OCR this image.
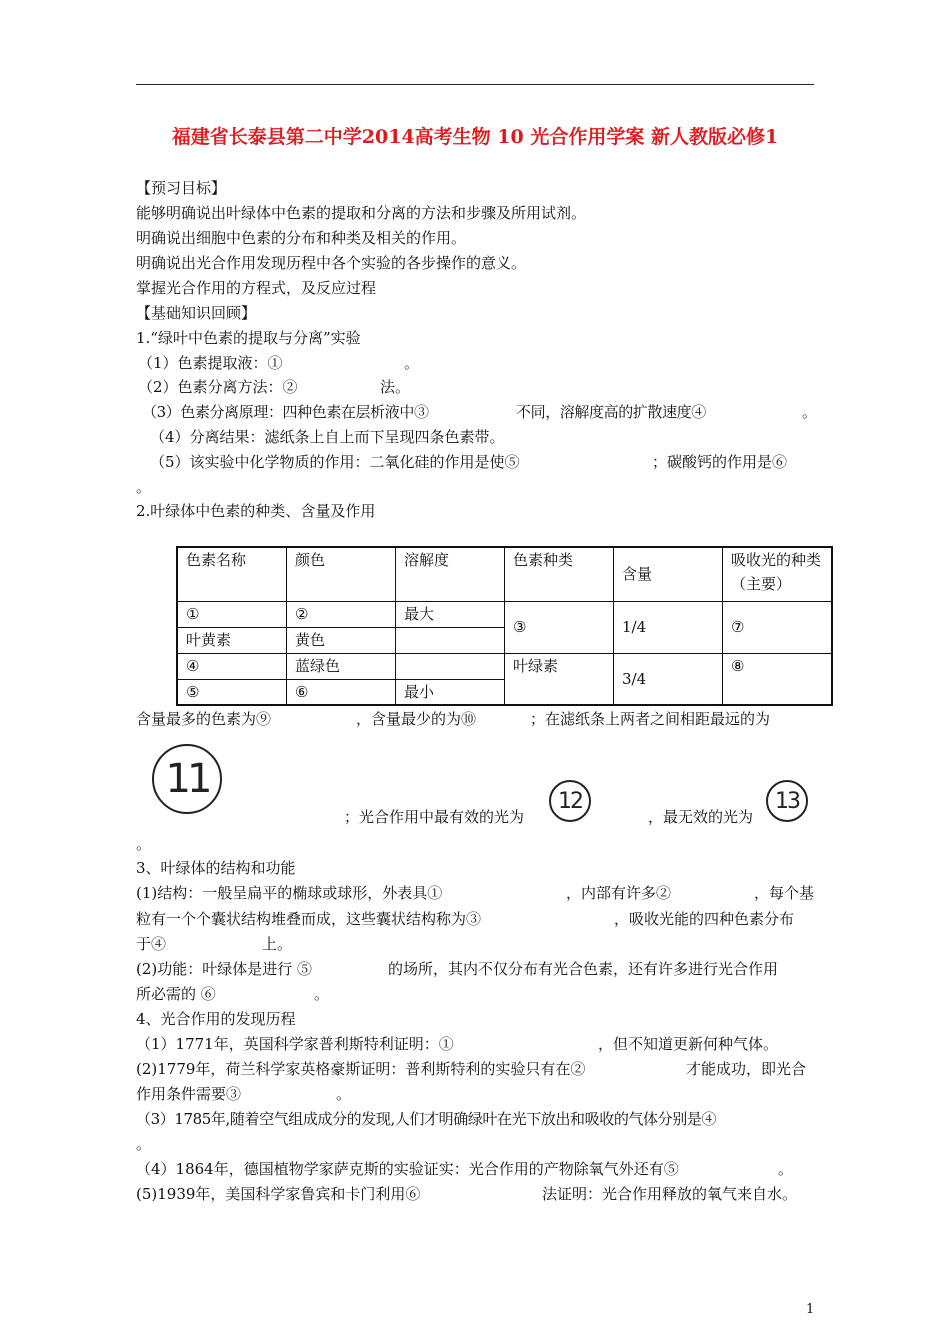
福建省长泰县第二中学2014高考生物 10 光合作用学案 新人教版必修1
【预习目标】
能够明确说出叶绿体中色素的提取和分离的方法和步骤及所用试剂。
明确说出细胞中色素的分布和种类及相关的作用。
明确说出光合作用发现历程中各个实验的各步操作的意义。
掌握光合作用的方程式，及反应过程
【基础知识回顾】
1.“绿叶中色素的提取与分离”实验
（1）色素提取液：①	。
（2）色素分离方法：②	法。
（3）色素分离原理：四种色素在层析液中③	不同，溶解度高的扩散速度④	。
（4）分离结果：滤纸条上自上而下呈现四条色素带。
（5）该实验中化学物质的作用：二氧化硅的作用是使⑤	；碳酸钙的作用是⑥
。
2.叶绿体中色素的种类、含量及作用
色素名称	颜色	溶解度	色素种类	含量	吸收光的种类（主要）
①	②	最大	③	1/4	⑦
叶黄素	黄色				
④	蓝绿色		叶绿素	3/4	⑧
⑤	⑥	最小			
含量最多的色素为⑨	，含量最少的为⑩	；在滤纸条上两者之间相距最远的为
11
；光合作用中最有效的光为
12
，最无效的光为
13
。
3、叶绿体的结构和功能
(1)结构：一般呈扁平的椭球或球形，外表具①	，内部有许多②	，每个基
粒有一个个囊状结构堆叠而成，这些囊状结构称为③	，吸收光能的四种色素分布
于④	上。
(2)功能：叶绿体是进行 ⑤	的场所，其内不仅分布有光合色素，还有许多进行光合作用
所必需的 ⑥	。
4、光合作用的发现历程
（1）1771年，英国科学家普利斯特利证明：①	，但不知道更新何种气体。
(2)1779年，荷兰科学家英格豪斯证明：普利斯特利的实验只有在②	才能成功，即光合
作用条件需要③	。
（3）1785年,随着空气组成成分的发现,人们才明确绿叶在光下放出和吸收的气体分别是④
。
（4）1864年，德国植物学家萨克斯的实验证实：光合作用的产物除氧气外还有⑤	。
(5)1939年，美国科学家鲁宾和卡门利用⑥	法证明：光合作用释放的氧气来自水。
1
